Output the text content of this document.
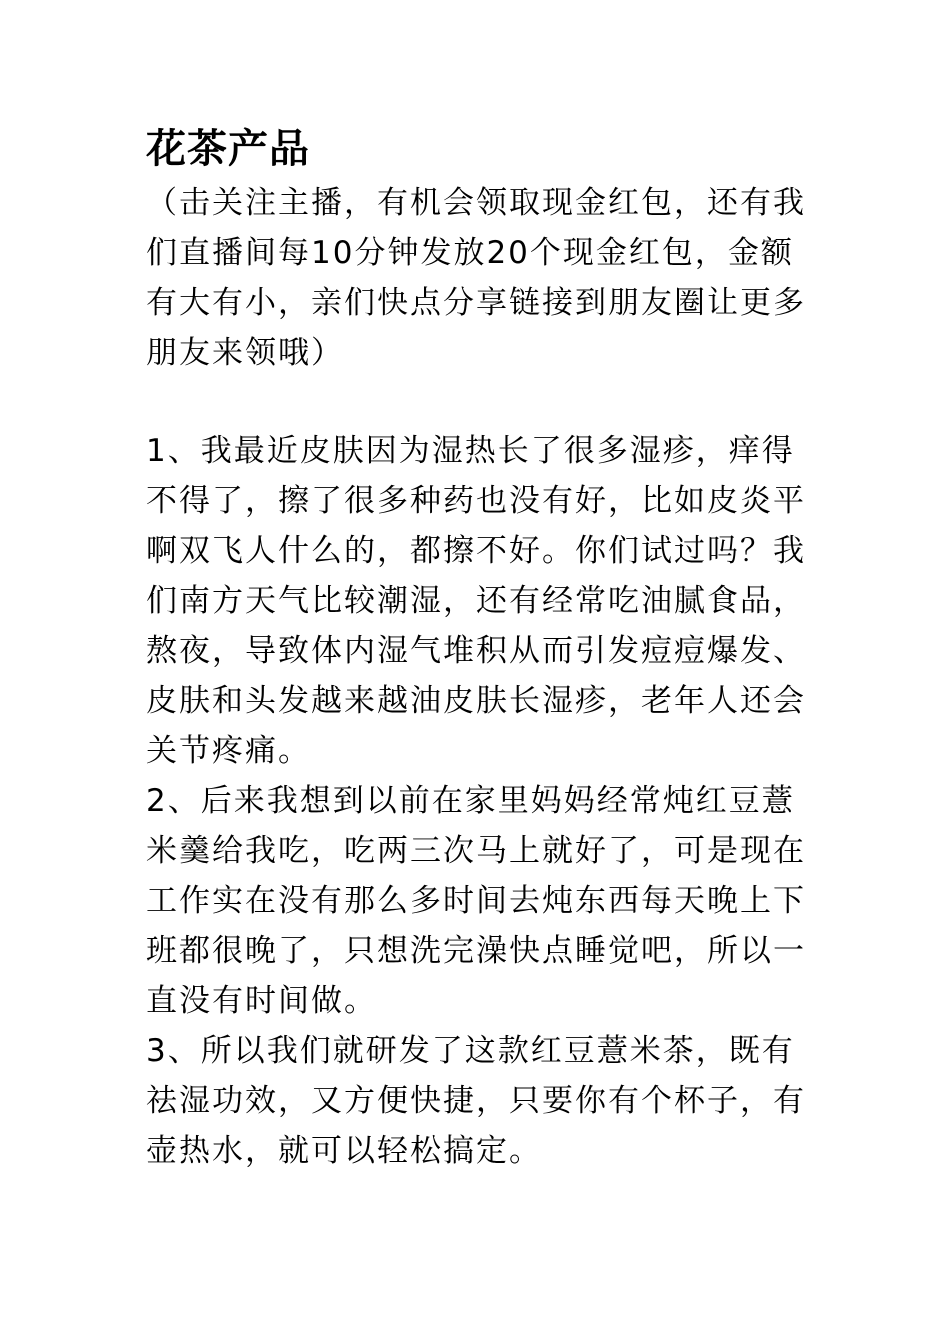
花茶产品

（击关注主播，有机会领取现金红包，还有我们直播间每10分钟发放20个现金红包，金额有大有小，亲们快点分享链接到朋友圈让更多朋友来领哦）

1、我最近皮肤因为湿热长了很多湿疹，痒得不得了，擦了很多种药也没有好，比如皮炎平啊双飞人什么的，都擦不好。你们试过吗？我们南方天气比较潮湿，还有经常吃油腻食品，熬夜，导致体内湿气堆积从而引发痘痘爆发、皮肤和头发越来越油皮肤长湿疹，老年人还会关节疼痛。

2、后来我想到以前在家里妈妈经常炖红豆薏米羹给我吃，吃两三次马上就好了，可是现在工作实在没有那么多时间去炖东西每天晚上下班都很晚了，只想洗完澡快点睡觉吧，所以一直没有时间做。

3、所以我们就研发了这款红豆薏米茶，既有祛湿功效，又方便快捷，只要你有个杯子，有壶热水，就可以轻松搞定。
